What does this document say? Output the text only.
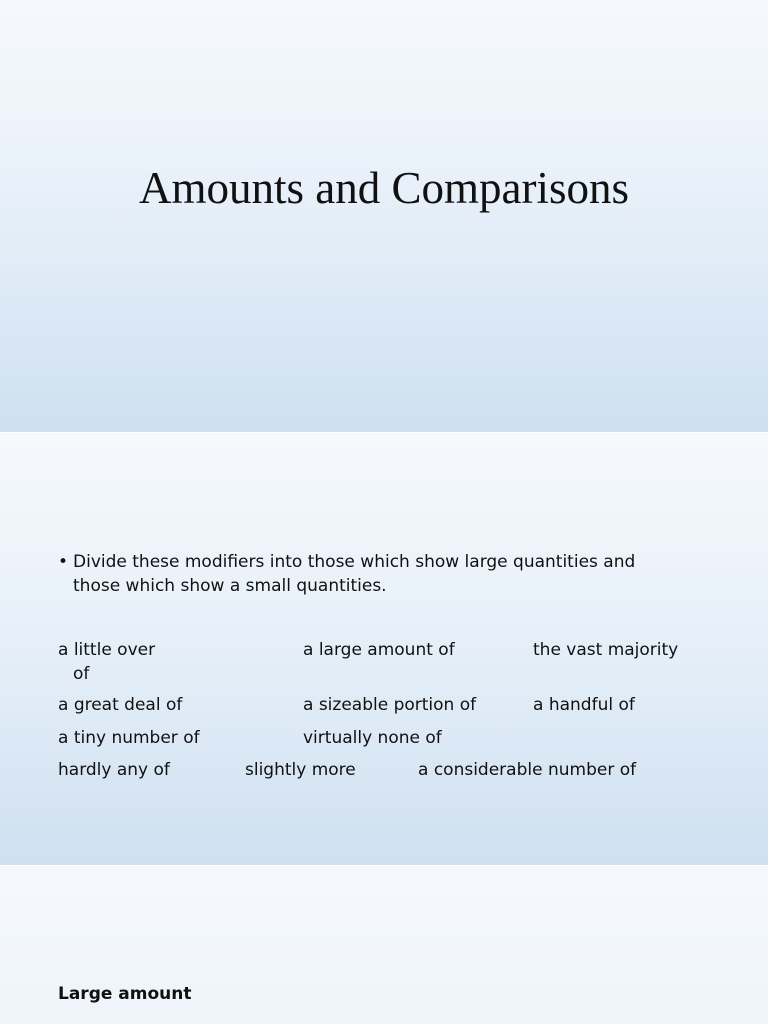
Amounts and Comparisons
• Divide these modifiers into those which show large quantities and
those which show a small quantities.
a little over	a large amount of	the vast majority
of
a great deal of	a sizeable portion of	a handful of
a tiny number of	virtually none of
hardly any of	slightly more	a considerable number of
Large amount
